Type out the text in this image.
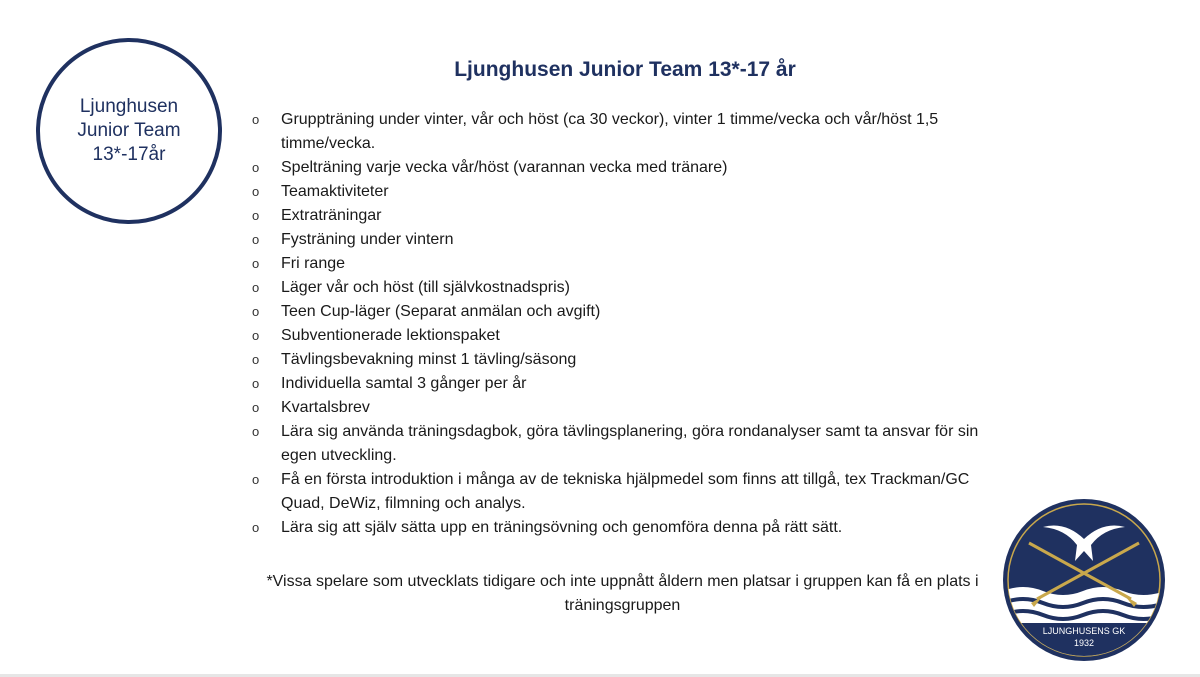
Ljunghusen
Junior Team
13*-17år
Ljunghusen Junior Team 13*-17 år
o	Gruppträning under vinter, vår och höst (ca 30 veckor), vinter 1 timme/vecka och vår/höst 1,5 timme/vecka.
o	Spelträning varje vecka vår/höst (varannan vecka med tränare)
o	Teamaktiviteter
o	Extraträningar
o	Fysträning under vintern
o	Fri range
o	Läger vår och höst (till självkostnadspris)
o	Teen Cup-läger (Separat anmälan och avgift)
o	Subventionerade lektionspaket
o	Tävlingsbevakning minst 1 tävling/säsong
o	Individuella samtal 3 gånger per år
o	Kvartalsbrev
o	Lära sig använda träningsdagbok, göra tävlingsplanering, göra rondanalyser samt ta ansvar för sin egen utveckling.
o	Få en första introduktion i många av de tekniska hjälpmedel som finns att tillgå, tex Trackman/GC Quad, DeWiz, filmning och analys.
o	Lära sig att själv sätta upp en träningsövning och genomföra denna på rätt sätt.
*Vissa spelare som utvecklats tidigare och inte uppnått åldern men platsar i gruppen kan få en plats i träningsgruppen
LJUNGHUSENS GK
1932
